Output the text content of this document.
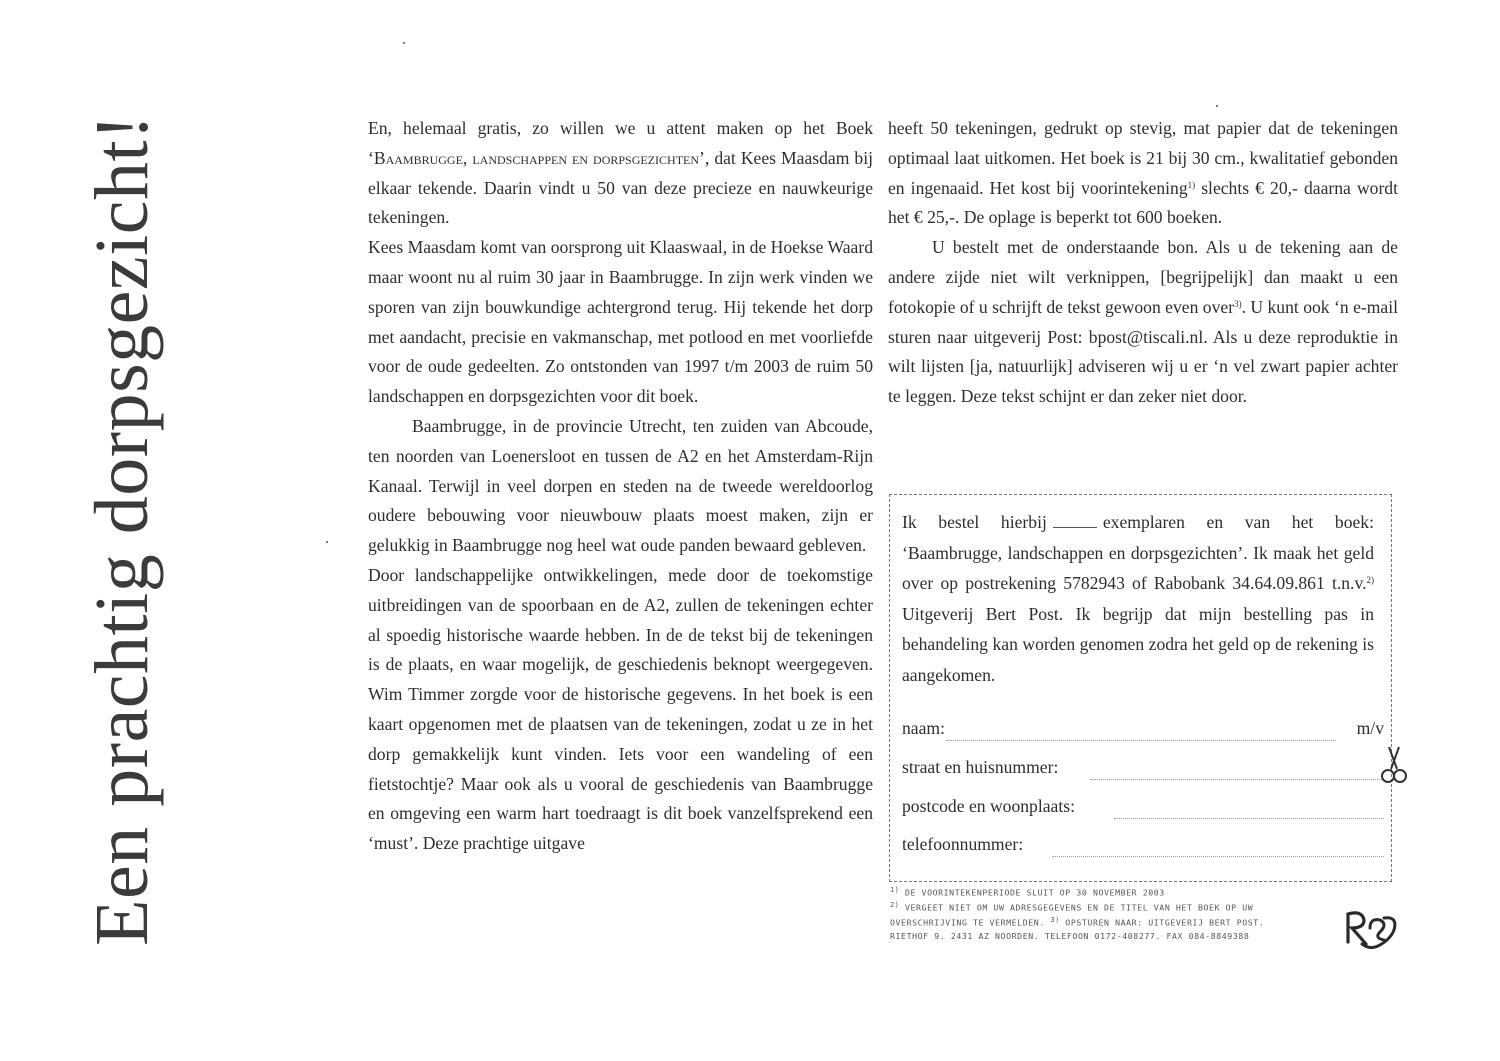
Een prachtig dorpsgezicht!	En, helemaal gratis, zo willen we u attent maken op het Boek ‘Baambrugge, landschappen en dorpsgezichten’, dat Kees Maasdam bij elkaar tekende. Daarin vindt u 50 van deze precieze en nauwkeurige tekeningen.

Kees Maasdam komt van oorsprong uit Klaaswaal, in de Hoekse Waard maar woont nu al ruim 30 jaar in Baambrugge. In zijn werk vinden we sporen van zijn bouwkundige achtergrond terug. Hij tekende het dorp met aandacht, precisie en vakmanschap, met potlood en met voorliefde voor de oude gedeelten. Zo ontstonden van 1997 t/m 2003 de ruim 50 landschappen en dorpsgezichten voor dit boek.

Baambrugge, in de provincie Utrecht, ten zuiden van Abcoude, ten noorden van Loenersloot en tussen de A2 en het Amsterdam-Rijn Kanaal. Terwijl in veel dorpen en steden na de tweede wereldoorlog oudere bebouwing voor nieuwbouw plaats moest maken, zijn er gelukkig in Baambrugge nog heel wat oude panden bewaard gebleven.

Door landschappelijke ontwikkelingen, mede door de toekomstige uitbreidingen van de spoorbaan en de A2, zullen de tekeningen echter al spoedig historische waarde hebben. In de de tekst bij de tekeningen is de plaats, en waar mogelijk, de geschiedenis beknopt weergegeven. Wim Timmer zorgde voor de historische gegevens. In het boek is een kaart opgenomen met de plaatsen van de tekeningen, zodat u ze in het dorp gemakkelijk kunt vinden. Iets voor een wandeling of een fietstochtje? Maar ook als u vooral de geschiedenis van Baambrugge en omgeving een warm hart toedraagt is dit boek vanzelfsprekend een ‘must’. Deze prachtige uitgave

heeft 50 tekeningen, gedrukt op stevig, mat papier dat de tekeningen optimaal laat uitkomen. Het boek is 21 bij 30 cm., kwalitatief gebonden en ingenaaid. Het kost bij voorintekening$^{1)}$ slechts € 20,- daarna wordt het € 25,-. De oplage is beperkt tot 600 boeken.

U bestelt met de onderstaande bon. Als u de tekening aan de andere zijde niet wilt verknippen, [begrijpelijk] dan maakt u een fotokopie of u schrijft de tekst gewoon even over$^{3)}$. U kunt ook ‘n e-mail sturen naar uitgeverij Post: bpost@tiscali.nl. Als u deze reproduktie in wilt lijsten [ja, natuurlijk] adviseren wij u er ‘n vel zwart papier achter te leggen. Deze tekst schijnt er dan zeker niet door.

Ik bestel hierbij	exemplaren en van het boek: ‘Baambrugge, landschappen en dorpsgezichten’. Ik maak het geld over op postrekening 5782943 of Rabobank 34.64.09.861 t.n.v.$^{2)}$ Uitgeverij Bert Post. Ik begrijp dat mijn bestelling pas in behandeling kan worden genomen zodra het geld op de rekening is aangekomen.

naam:	m/v
straat en huisnummer:
postcode en woonplaats:
telefoonnummer:

$^{1)}$ DE VOORINTEKENPERIODE SLUIT OP 30 NOVEMBER 2003

$^{2)}$ VERGEET NIET OM UW ADRESGEGEVENS EN DE TITEL VAN HET BOEK OP UW OVERSCHRIJVING TE VERMELDEN. $^{3)}$ OPSTUREN NAAR: UITGEVERIJ BERT POST.

RIETHOF 9. 2431 AZ NOORDEN. TELEFOON 0172-408277. FAX 084-8849388
